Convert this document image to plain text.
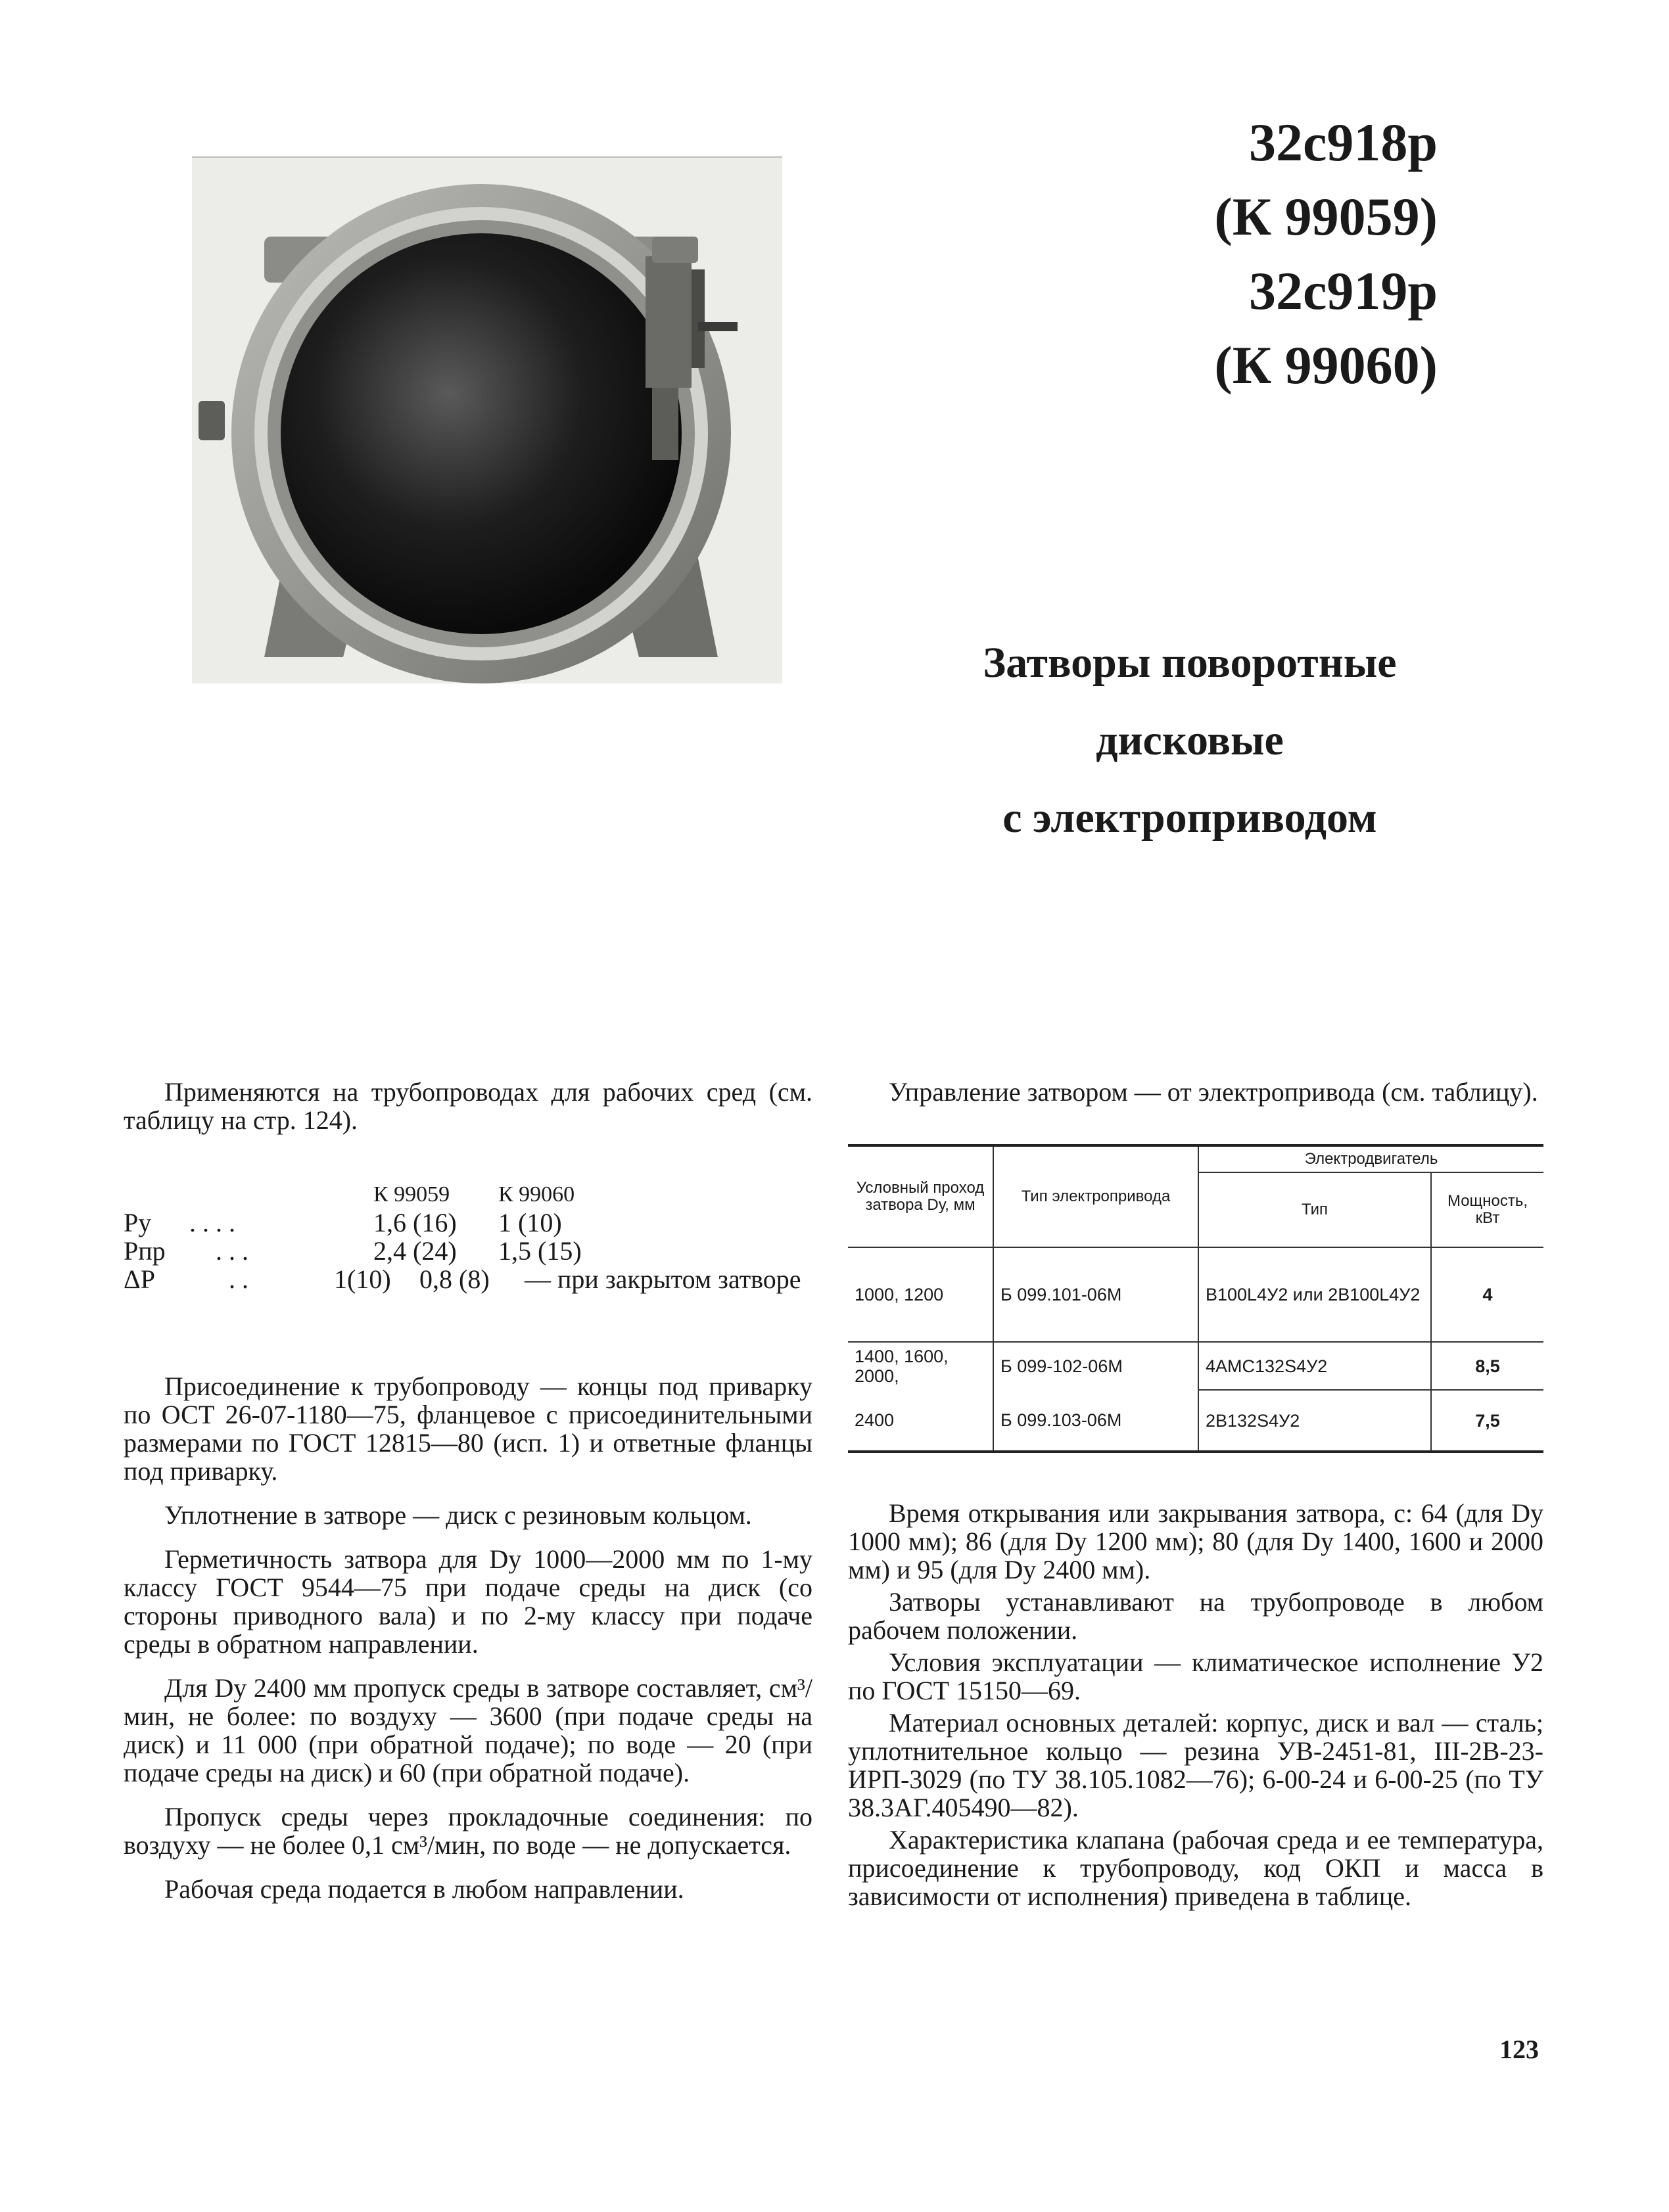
32с918р
(К 99059)
32с919р
(К 99060)
Затворы поворотные
дисковые
с электроприводом

Применяются на трубопроводах для рабочих сред (см. таблицу на стр. 124).

К 99059 К 99060
Pу . . . .	1,6 (16) 1 (10)
Pпр . . .	2,4 (24) 1,5 (15)
ΔP	. .	1(10) 0,8 (8) — при закрытом затворе

Присоединение к трубопроводу — концы под приварку по ОСТ 26-07-1180—75, фланцевое с присоединительными размерами по ГОСТ 12815—80 (исп. 1) и ответные фланцы под приварку.

Уплотнение в затворе — диск с резиновым кольцом.

Герметичность затвора для Dу 1000—2000 мм по 1-му классу ГОСТ 9544—75 при подаче среды на диск (со стороны приводного вала) и по 2-му классу при подаче среды в обратном направлении.

Для Dу 2400 мм пропуск среды в затворе составляет, см³/мин, не более: по воздуху — 3600 (при подаче среды на диск) и 11 000 (при обратной подаче); по воде — 20 (при подаче среды на диск) и 60 (при обратной подаче).

Пропуск среды через прокладочные соединения: по воздуху — не более 0,1 см³/мин, по воде — не допускается.

Рабочая среда подается в любом направлении.

Управление затвором — от электропривода (см. таблицу).

Условный проход затвора Dу, мм	Тип электропривода	Электродвигатель	
		Тип	Мощность, кВт
1000, 1200	Б 099.101-06М	В100L4У2 или 2В100L4У2	4
1400, 1600, 2000,	Б 099-102-06М	4АМС132S4У2	8,5
2400	Б 099.103-06М	2В132S4У2	7,5

Время открывания или закрывания затвора, с: 64 (для Dу 1000 мм); 86 (для Dу 1200 мм); 80 (для Dу 1400, 1600 и 2000 мм) и 95 (для Dу 2400 мм).

Затворы устанавливают на трубопроводе в любом рабочем положении.

Условия эксплуатации — климатическое исполнение У2 по ГОСТ 15150—69.

Материал основных деталей: корпус, диск и вал — сталь; уплотнительное кольцо — резина УВ-2451-81, III-2В-23-ИРП-3029 (по ТУ 38.105.1082—76); 6-00-24 и 6-00-25 (по ТУ 38.3АГ.405490—82).

Характеристика клапана (рабочая среда и ее температура, присоединение к трубопроводу, код ОКП и масса в зависимости от исполнения) приведена в таблице.

123
